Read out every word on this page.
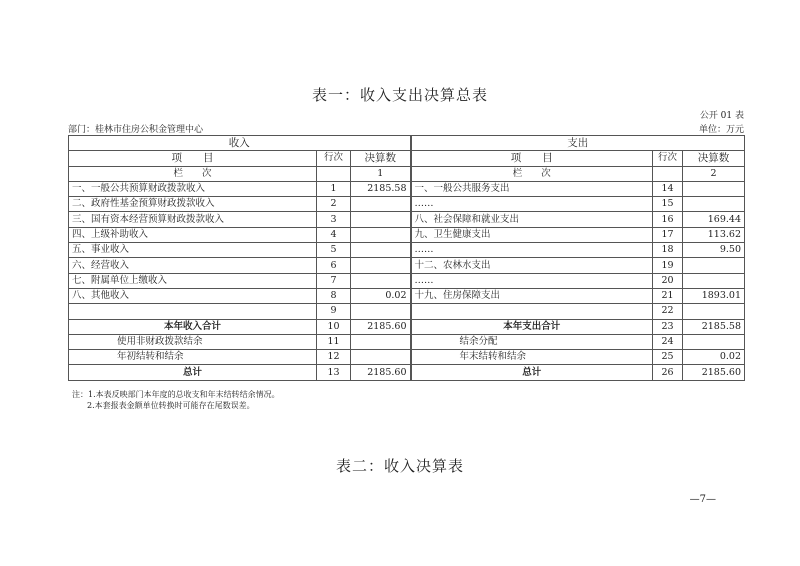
表一：收入支出决算总表
公开 01 表
部门：桂林市住房公积金管理中心	单位：万元
收入			支出		
项　　目	行次	决算数	项　　目	行次	决算数
栏　　次		1	栏　　次		2
一、一般公共预算财政拨款收入	1	2185.58	一、一般公共服务支出	14	
二、政府性基金预算财政拨款收入	2		……	15	
三、国有资本经营预算财政拨款收入	3		八、社会保障和就业支出	16	169.44
四、上级补助收入	4		九、卫生健康支出	17	113.62
五、事业收入	5		……	18	9.50
六、经营收入	6		十二、农林水支出	19	
七、附属单位上缴收入	7		……	20	
八、其他收入	8	0.02	十九、住房保障支出	21	1893.01
	9			22	
本年收入合计	10	2185.60	本年支出合计	23	2185.58
使用非财政拨款结余	11		结余分配	24	
年初结转和结余	12		年末结转和结余	25	0.02
总计	13	2185.60	总计	26	2185.60
注：1.本表反映部门本年度的总收支和年末结转结余情况。
2.本套报表金额单位转换时可能存在尾数误差。
表二：收入决算表
—7—
